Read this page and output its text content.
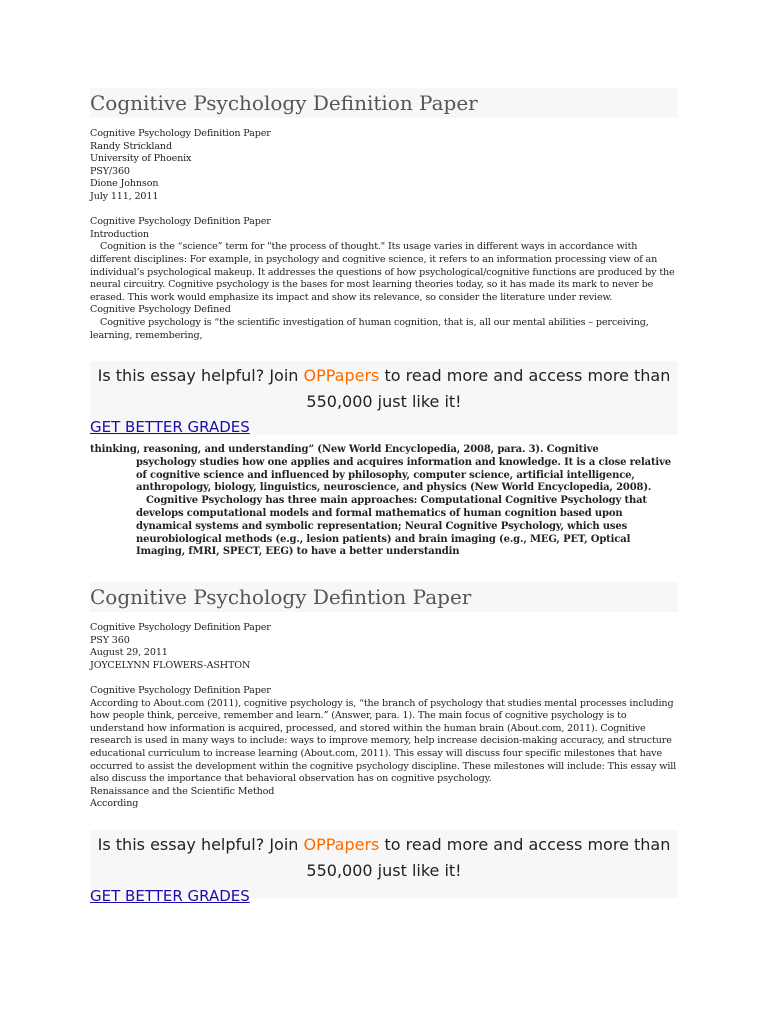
Cognitive Psychology Definition Paper

Cognitive Psychology Definition Paper

Randy Strickland

University of Phoenix

PSY/360

Dione Johnson

July 111, 2011

Cognitive Psychology Definition Paper

Introduction

Cognition is the “science” term for "the process of thought." Its usage varies in different ways in accordance with different disciplines: For example, in psychology and cognitive science, it refers to an information processing view of an individual’s psychological makeup. It addresses the questions of how psychological/cognitive functions are produced by the neural circuitry. Cognitive psychology is the bases for most learning theories today, so it has made its mark to never be erased. This work would emphasize its impact and show its relevance, so consider the literature under review.

Cognitive Psychology Defined

Cognitive psychology is “the scientific investigation of human cognition, that is, all our mental abilities – perceiving, learning, remembering,

Is this essay helpful? Join OPPapers to read more and access more than 550,000 just like it!

GET BETTER GRADES

thinking, reasoning, and understanding” (New World Encyclopedia, 2008, para. 3). Cognitive

psychology studies how one applies and acquires information and knowledge. It is a close relative of cognitive science and influenced by philosophy, computer science, artificial intelligence, anthropology, biology, linguistics, neuroscience, and physics (New World Encyclopedia, 2008).

Cognitive Psychology has three main approaches: Computational Cognitive Psychology that develops computational models and formal mathematics of human cognition based upon dynamical systems and symbolic representation; Neural Cognitive Psychology, which uses neurobiological methods (e.g., lesion patients) and brain imaging (e.g., MEG, PET, Optical Imaging, fMRI, SPECT, EEG) to have a better understandin

Cognitive Psychology Defintion Paper

Cognitive Psychology Definition Paper

PSY 360

August 29, 2011

JOYCELYNN FLOWERS-ASHTON

Cognitive Psychology Definition Paper

According to About.com (2011), cognitive psychology is, “the branch of psychology that studies mental processes including how people think, perceive, remember and learn.” (Answer, para. 1). The main focus of cognitive psychology is to understand how information is acquired, processed, and stored within the human brain (About.com, 2011). Cognitive research is used in many ways to include: ways to improve memory, help increase decision-making accuracy, and structure educational curriculum to increase learning (About.com, 2011). This essay will discuss four specific milestones that have occurred to assist the development within the cognitive psychology discipline. These milestones will include: This essay will also discuss the importance that behavioral observation has on cognitive psychology.

Renaissance and the Scientific Method

According

Is this essay helpful? Join OPPapers to read more and access more than 550,000 just like it!

GET BETTER GRADES
